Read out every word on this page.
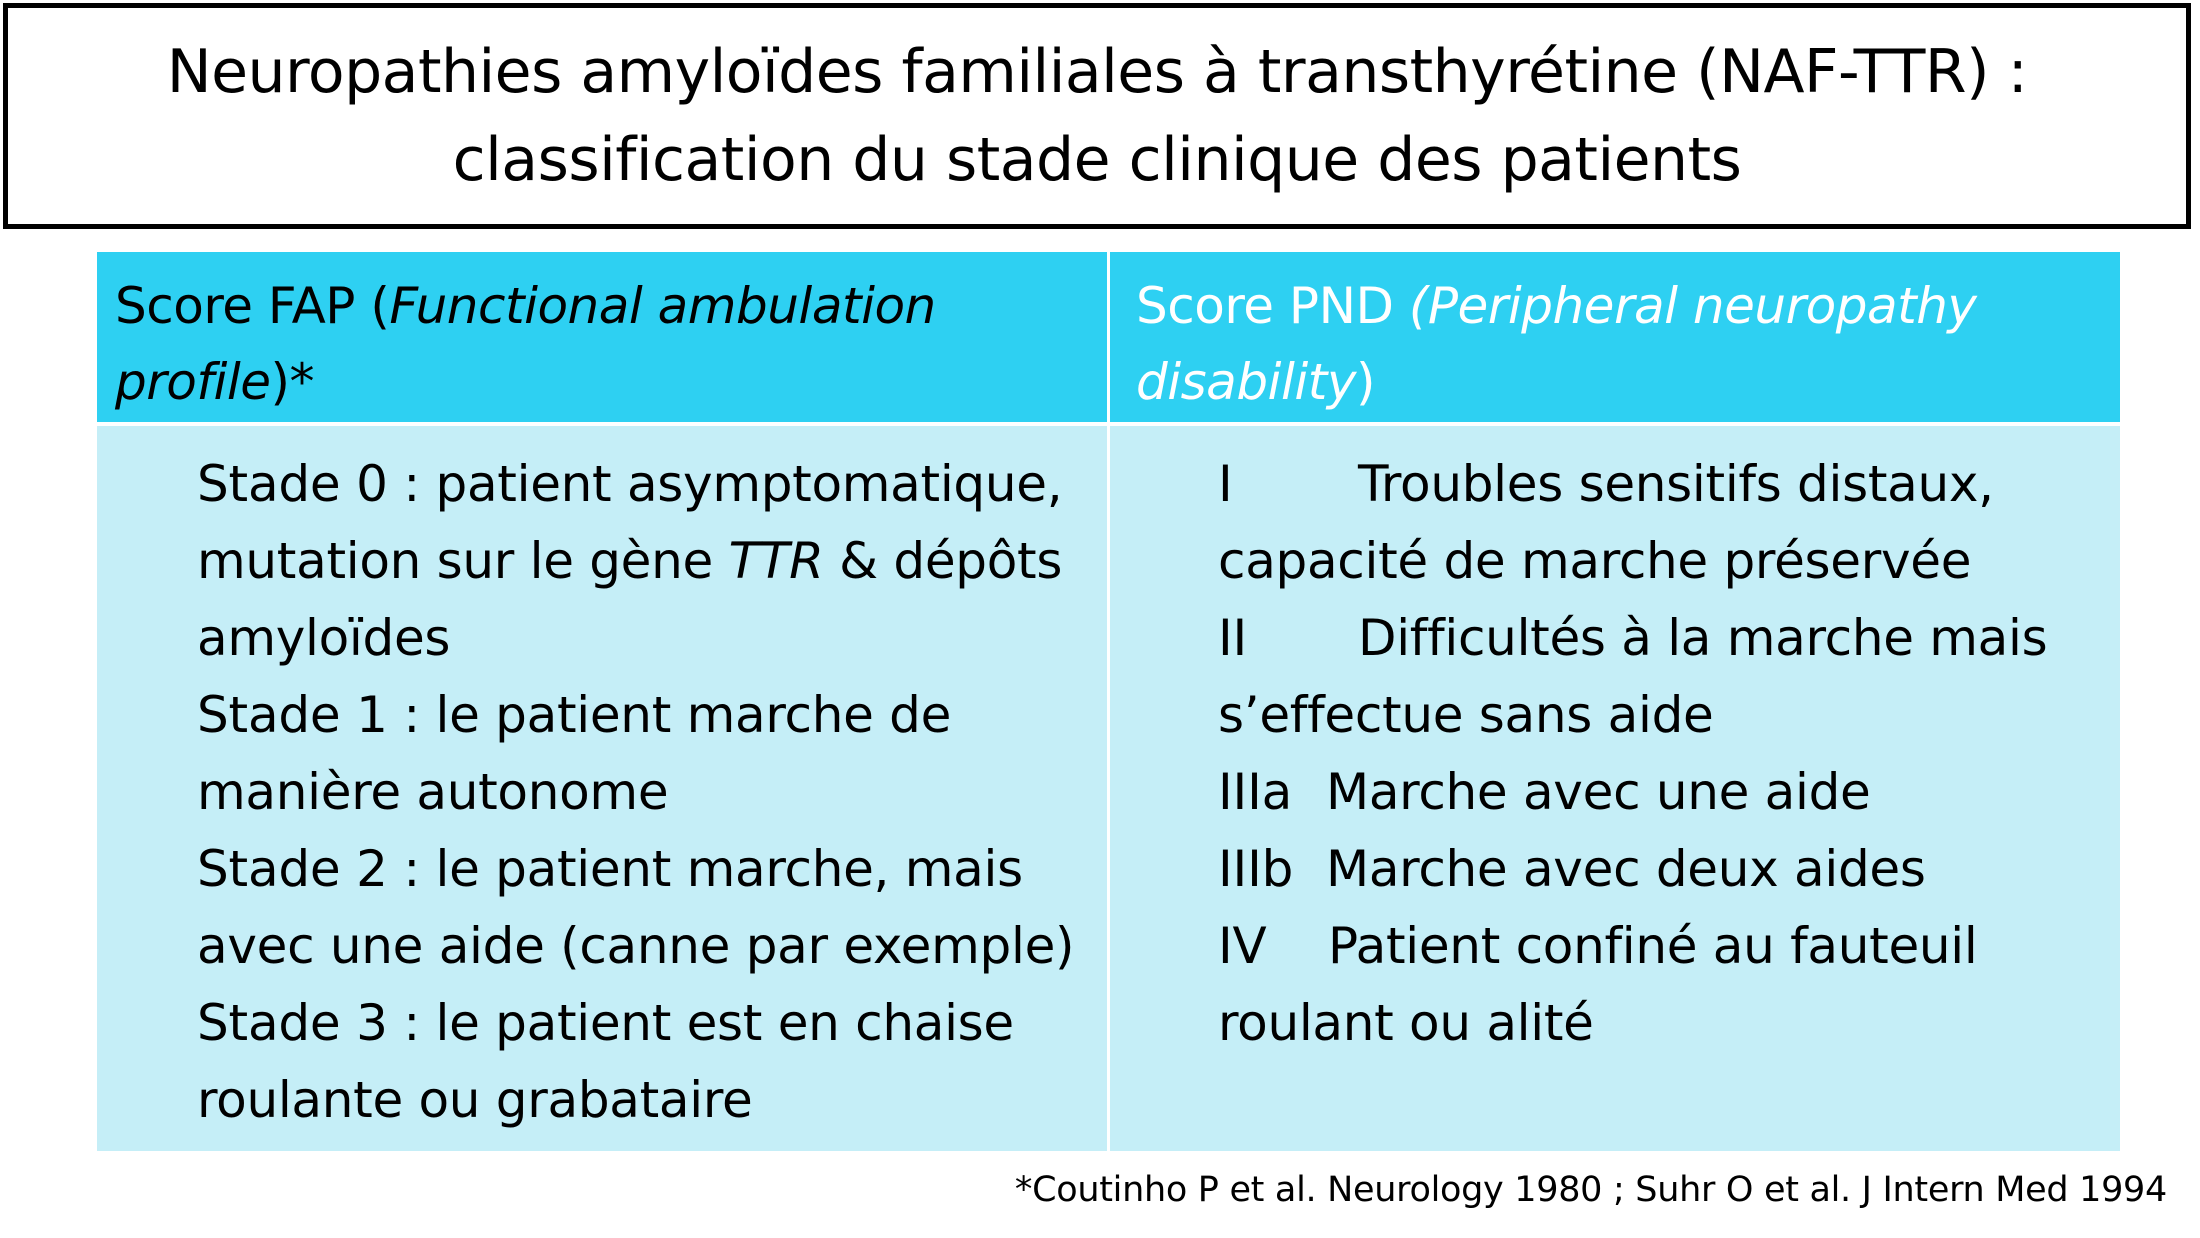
Neuropathies amyloïdes familiales à transthyrétine (NAF-TTR) :
classification du stade clinique des patients
Score FAP (Functional ambulation
profile)*
Score PND (Peripheral neuropathy
disability)
Stade 0 : patient asymptomatique,
mutation sur le gène TTR & dépôts
amyloïdes
Stade 1 : le patient marche de
manière autonome
Stade 2 : le patient marche, mais
avec une aide (canne par exemple)
Stade 3 : le patient est en chaise
roulante ou grabataire
I	Troubles sensitifs distaux,
capacité de marche préservée
II Difficultés à la marche mais
s’effectue sans aide
IIIa Marche avec une aide
IIIb Marche avec deux aides
IV Patient confiné au fauteuil
roulant ou alité
*Coutinho P et al. Neurology 1980 ; Suhr O et al. J Intern Med 1994
